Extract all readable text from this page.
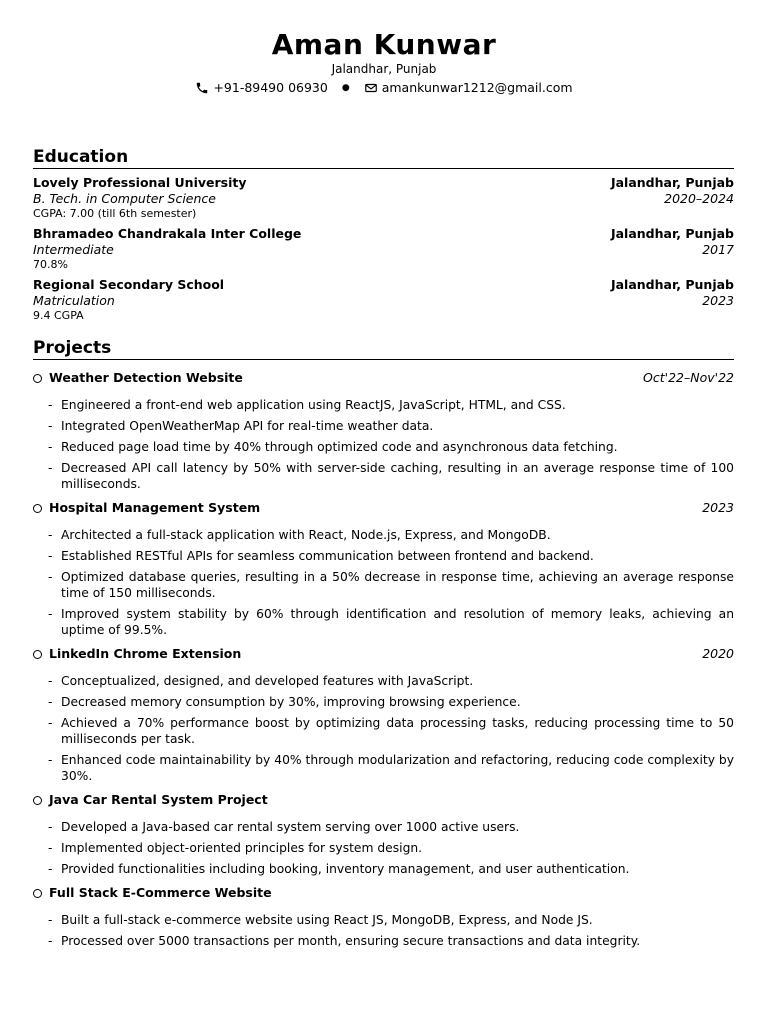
Aman Kunwar
Jalandhar, Punjab
+91-89490 06930 ●	amankunwar1212@gmail.com
Education
Lovely Professional University	Jalandhar, Punjab
B. Tech. in Computer Science	2020–2024
CGPA: 7.00 (till 6th semester)
Bhramadeo Chandrakala Inter College	Jalandhar, Punjab
Intermediate	2017
70.8%
Regional Secondary School	Jalandhar, Punjab
Matriculation	2023
9.4 CGPA
Projects
Weather Detection Website	Oct'22–Nov'22
- Engineered a front-end web application using ReactJS, JavaScript, HTML, and CSS.
- Integrated OpenWeatherMap API for real-time weather data.
- Reduced page load time by 40% through optimized code and asynchronous data fetching.
- Decreased API call latency by 50% with server-side caching, resulting in an average response time of 100 milliseconds.
Hospital Management System	2023
- Architected a full-stack application with React, Node.js, Express, and MongoDB.
- Established RESTful APIs for seamless communication between frontend and backend.
- Optimized database queries, resulting in a 50% decrease in response time, achieving an average response time of 150 milliseconds.
- Improved system stability by 60% through identification and resolution of memory leaks, achieving an uptime of 99.5%.
LinkedIn Chrome Extension	2020
- Conceptualized, designed, and developed features with JavaScript.
- Decreased memory consumption by 30%, improving browsing experience.
- Achieved a 70% performance boost by optimizing data processing tasks, reducing processing time to 50 milliseconds per task.
- Enhanced code maintainability by 40% through modularization and refactoring, reducing code complexity by 30%.
Java Car Rental System Project
- Developed a Java-based car rental system serving over 1000 active users.
- Implemented object-oriented principles for system design.
- Provided functionalities including booking, inventory management, and user authentication.
Full Stack E-Commerce Website
- Built a full-stack e-commerce website using React JS, MongoDB, Express, and Node JS.
- Processed over 5000 transactions per month, ensuring secure transactions and data integrity.
